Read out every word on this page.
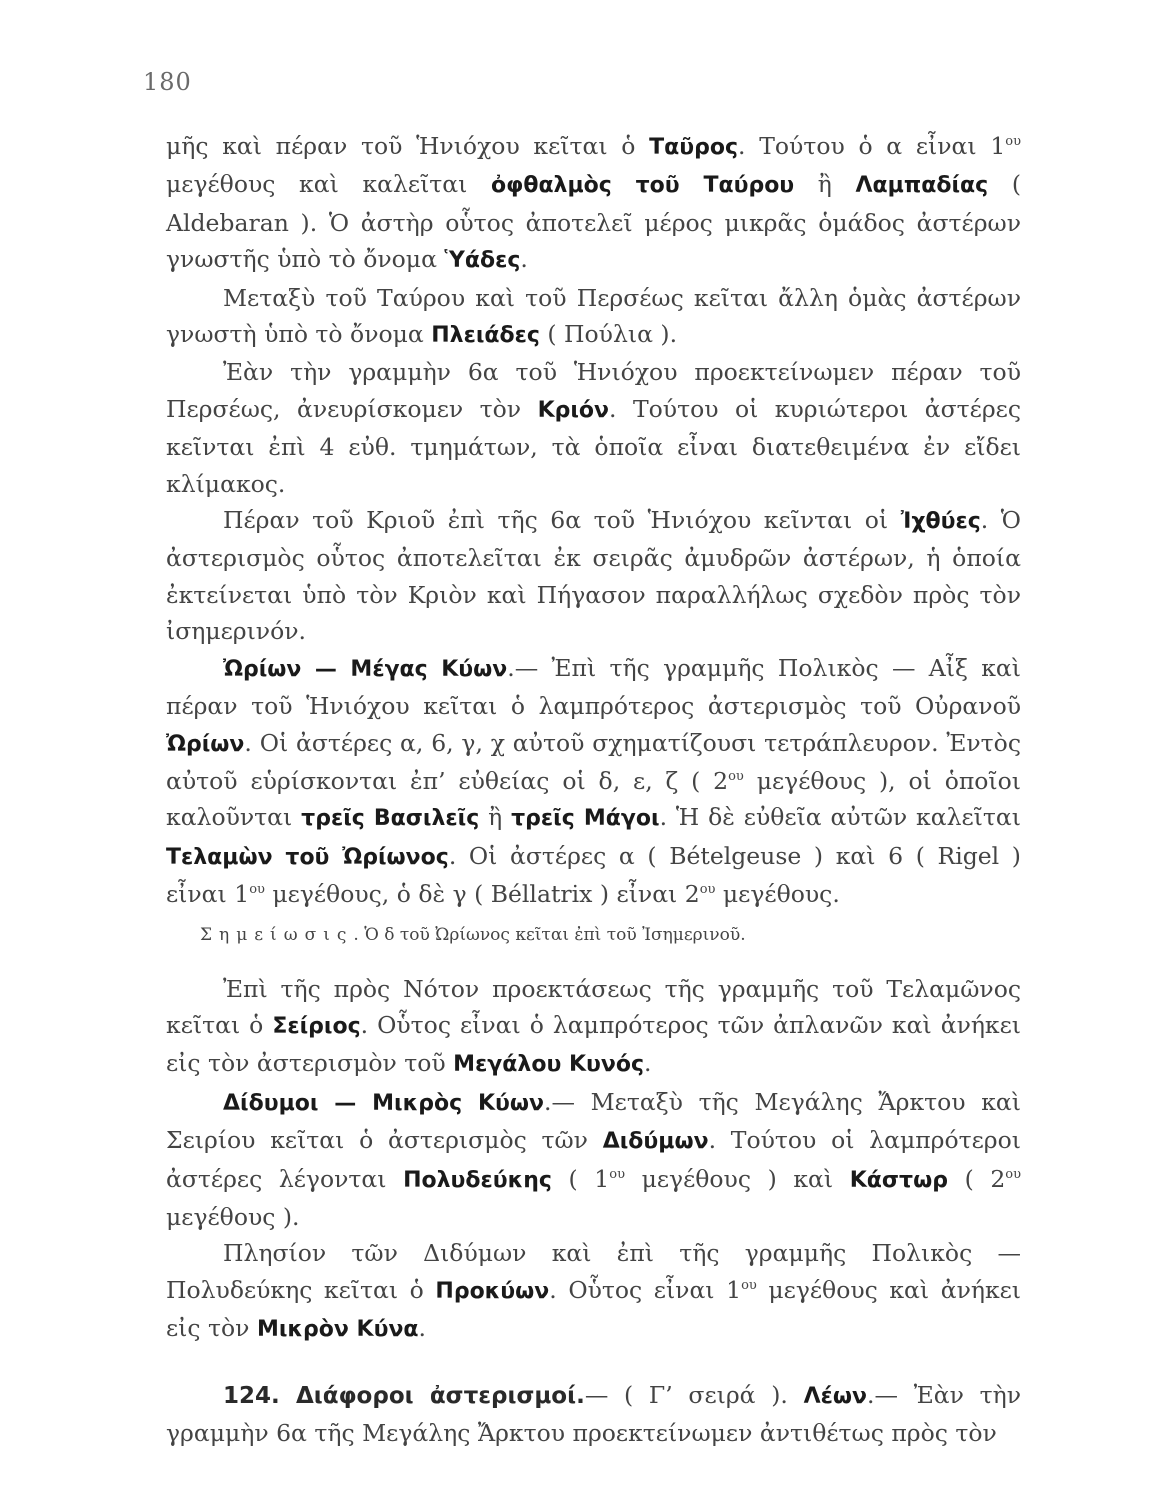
180

μῆς καὶ πέραν τοῦ Ἡνιόχου κεῖται ὁ Ταῦρος. Τούτου ὁ α εἶναι $1^{o\upsilon}$ μεγέθους καὶ καλεῖται ὀφθαλμὸς τοῦ Ταύρου ἢ Λαμπαδίας ( Aldebaran ). Ὁ ἀστὴρ οὗτος ἀποτελεῖ μέρος μικρᾶς ὁμάδος ἀστέρων γνωστῆς ὑπὸ τὸ ὄνομα Ὑάδες.

Μεταξὺ τοῦ Ταύρου καὶ τοῦ Περσέως κεῖται ἄλλη ὁμὰς ἀστέρων γνωστὴ ὑπὸ τὸ ὄνομα Πλειάδες ( Πούλια ).

Ἐὰν τὴν γραμμὴν 6α τοῦ Ἡνιόχου προεκτείνωμεν πέραν τοῦ Περσέως, ἀνευρίσκομεν τὸν Κριόν. Τούτου οἱ κυριώτεροι ἀστέρες κεῖνται ἐπὶ 4 εὐθ. τμημάτων, τὰ ὁποῖα εἶναι διατεθειμένα ἐν εἴδει κλίμακος.

Πέραν τοῦ Κριοῦ ἐπὶ τῆς 6α τοῦ Ἡνιόχου κεῖνται οἱ Ἰχθύες. Ὁ ἀστερισμὸς οὗτος ἀποτελεῖται ἐκ σειρᾶς ἀμυδρῶν ἀστέρων, ἡ ὁποία ἐκτείνεται ὑπὸ τὸν Κριὸν καὶ Πήγασον παραλλήλως σχεδὸν πρὸς τὸν ἰσημερινόν.

Ὠρίων — Μέγας Κύων.— Ἐπὶ τῆς γραμμῆς Πολικὸς — Αἶξ καὶ πέραν τοῦ Ἡνιόχου κεῖται ὁ λαμπρότερος ἀστερισμὸς τοῦ Οὐρανοῦ Ὠρίων. Οἱ ἀστέρες α, 6, γ, χ αὐτοῦ σχηματίζουσι τετράπλευρον. Ἐντὸς αὐτοῦ εὑρίσκονται ἐπ’ εὐθείας οἱ δ, ε, ζ ( $2^{o\upsilon}$ μεγέθους ), οἱ ὁποῖοι καλοῦνται τρεῖς Βασιλεῖς ἢ τρεῖς Μάγοι. Ἡ δὲ εὐθεῖα αὐτῶν καλεῖται Τελαμὼν τοῦ Ὠρίωνος. Οἱ ἀστέρες α ( Bételgeuse ) καὶ 6 ( Rigel ) εἶναι $1^{o\upsilon}$ μεγέθους, ὁ δὲ γ ( Béllatrix ) εἶναι $2^{o\upsilon}$ μεγέθους.

Σημείωσις. Ὁ δ τοῦ Ὠρίωνος κεῖται ἐπὶ τοῦ Ἰσημερινοῦ.

Ἐπὶ τῆς πρὸς Νότον προεκτάσεως τῆς γραμμῆς τοῦ Τελαμῶνος κεῖται ὁ Σείριος. Οὗτος εἶναι ὁ λαμπρότερος τῶν ἀπλανῶν καὶ ἀνήκει εἰς τὸν ἀστερισμὸν τοῦ Μεγάλου Κυνός.

Δίδυμοι — Μικρὸς Κύων.— Μεταξὺ τῆς Μεγάλης Ἄρκτου καὶ Σειρίου κεῖται ὁ ἀστερισμὸς τῶν Διδύμων. Τούτου οἱ λαμπρότεροι ἀστέρες λέγονται Πολυδεύκης ( $1^{o\upsilon}$ μεγέθους ) καὶ Κάστωρ ( $2^{o\upsilon}$ μεγέθους ).

Πλησίον τῶν Διδύμων καὶ ἐπὶ τῆς γραμμῆς Πολικὸς — Πολυδεύκης κεῖται ὁ Προκύων. Οὗτος εἶναι $1^{o\upsilon}$ μεγέθους καὶ ἀνήκει εἰς τὸν Μικρὸν Κύνα.

124. Διάφοροι ἀστερισμοί.— ( Γ’ σειρά ). Λέων.— Ἐὰν τὴν γραμμὴν 6α τῆς Μεγάλης Ἄρκτου προεκτείνωμεν ἀντιθέτως πρὸς τὸν
